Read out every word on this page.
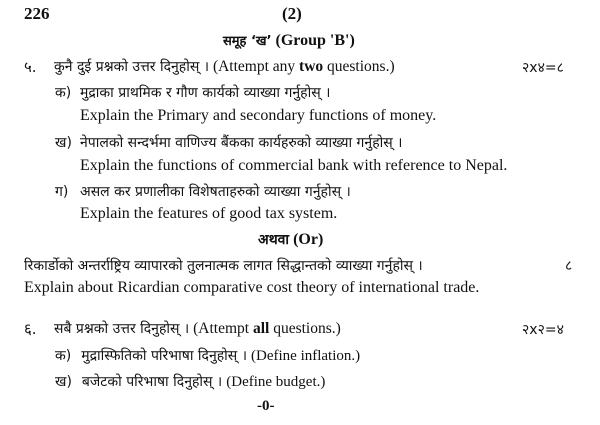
226	(2)
समूह ‘ख’ (Group 'B')
५. कुनै दुई प्रश्नको उत्तर दिनुहोस् । (Attempt any two questions.)	२x४=८
क) मुद्राका प्राथमिक र गौण कार्यको व्याख्या गर्नुहोस् ।
Explain the Primary and secondary functions of money.
ख) नेपालको सन्दर्भमा वाणिज्य बैंकका कार्यहरुको व्याख्या गर्नुहोस् ।
Explain the functions of commercial bank with reference to Nepal.
ग) असल कर प्रणालीका विशेषताहरुको व्याख्या गर्नुहोस् ।
Explain the features of good tax system.
अथवा (Or)
रिकार्डोको अन्तर्राष्ट्रिय व्यापारको तुलनात्मक लागत सिद्धान्तको व्याख्या गर्नुहोस् ।	८
Explain about Ricardian comparative cost theory of international trade.
६. सबै प्रश्नको उत्तर दिनुहोस् । (Attempt all questions.)	२x२=४
क) मुद्रास्फितिको परिभाषा दिनुहोस् । (Define inflation.)
ख) बजेटको परिभाषा दिनुहोस् । (Define budget.)
-0-
